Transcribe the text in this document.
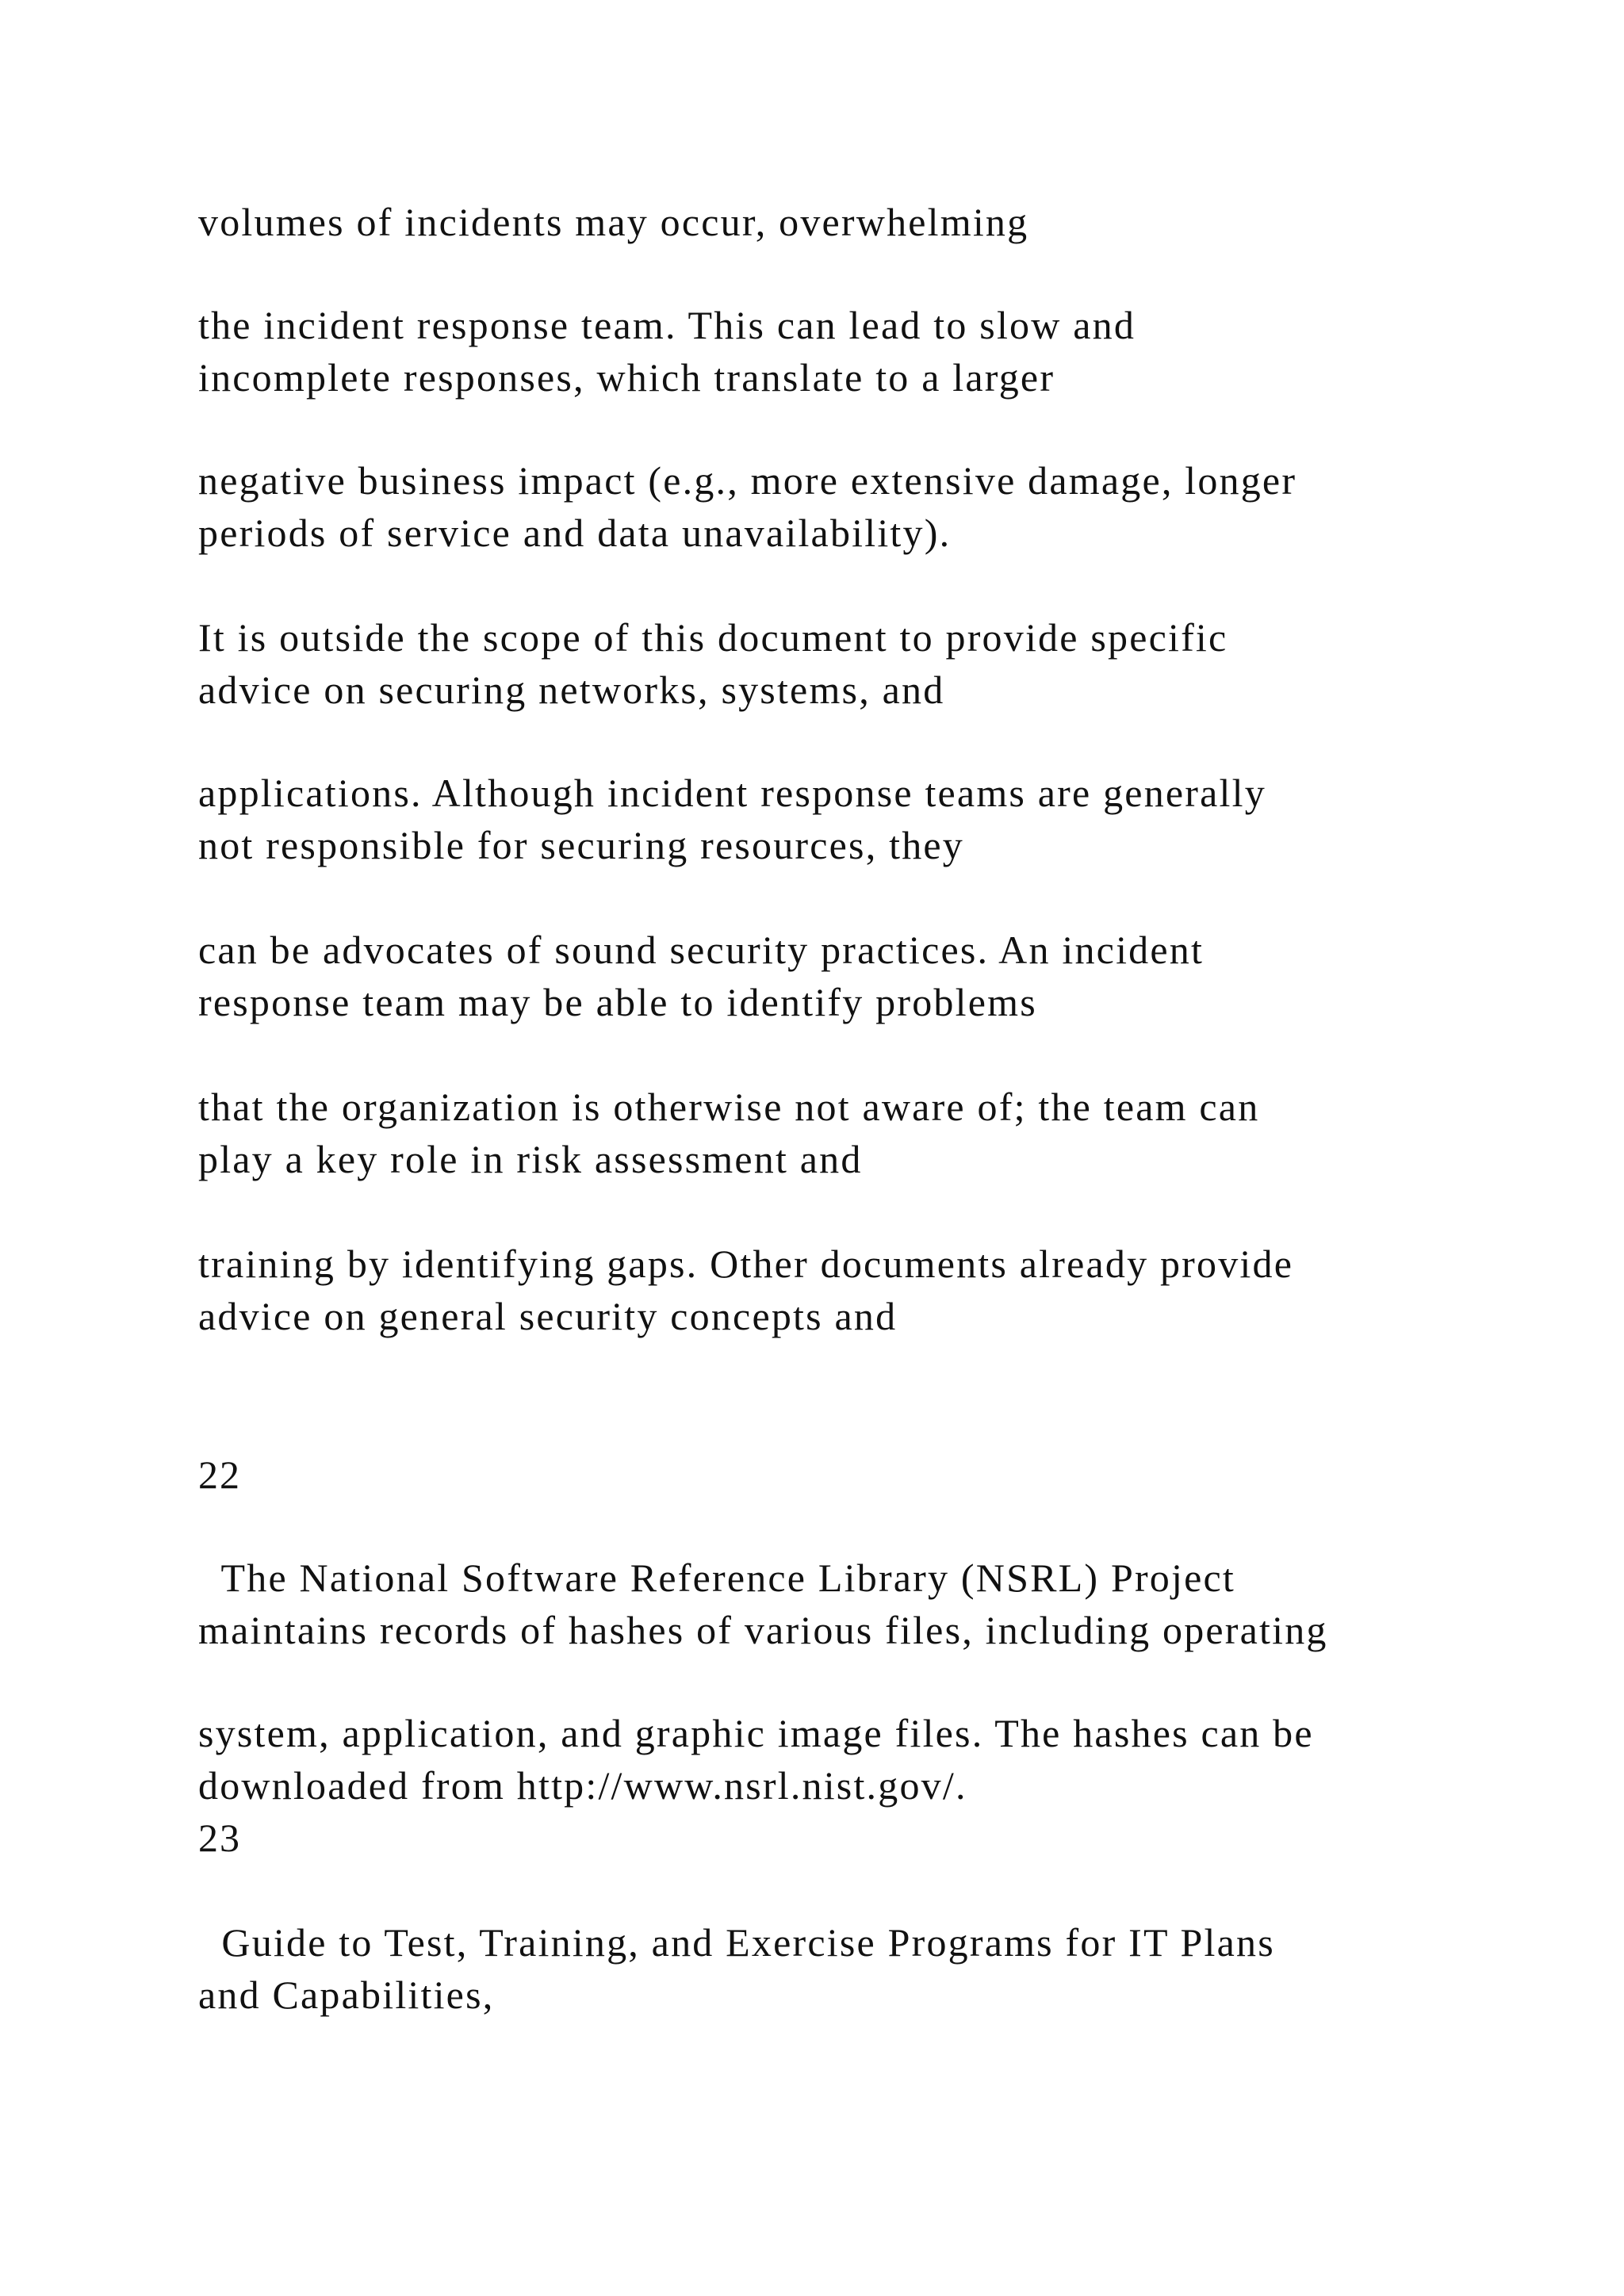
volumes of incidents may occur, overwhelming

the incident response team. This can lead to slow and

incomplete responses, which translate to a larger

negative business impact (e.g., more extensive damage, longer

periods of service and data unavailability).

It is outside the scope of this document to provide specific

advice on securing networks, systems, and

applications. Although incident response teams are generally

not responsible for securing resources, they

can be advocates of sound security practices. An incident

response team may be able to identify problems

that the organization is otherwise not aware of; the team can

play a key role in risk assessment and

training by identifying gaps. Other documents already provide

advice on general security concepts and

22

The National Software Reference Library (NSRL) Project

maintains records of hashes of various files, including operating

system, application, and graphic image files. The hashes can be

downloaded from http://www.nsrl.nist.gov/.

23

Guide to Test, Training, and Exercise Programs for IT Plans

and Capabilities,
